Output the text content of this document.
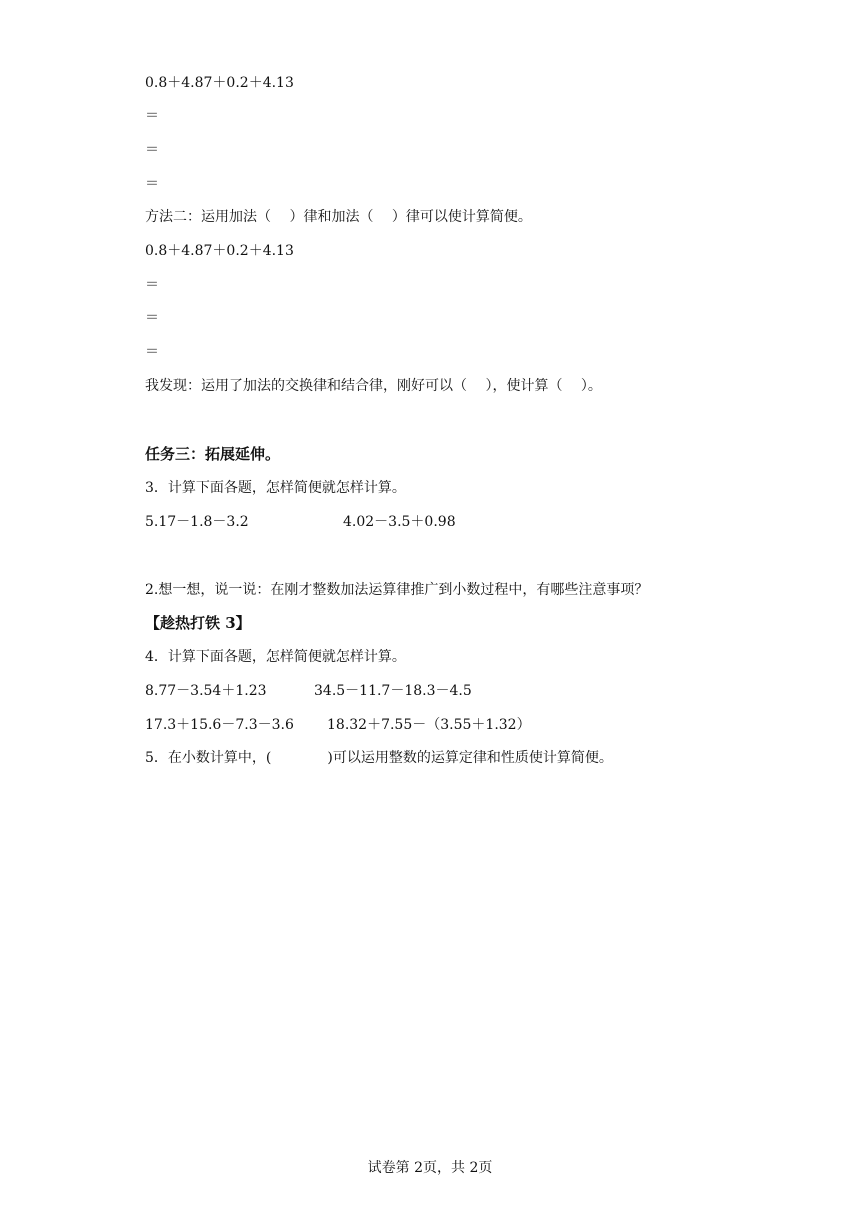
0.8＋4.87＋0.2＋4.13
＝
＝
＝
方法二：运用加法（　 ）律和加法（　 ）律可以使计算简便。
0.8＋4.87＋0.2＋4.13
＝
＝
＝
我发现：运用了加法的交换律和结合律，刚好可以（　 ），使计算（　 ）。
任务三：拓展延伸。
3．计算下面各题，怎样简便就怎样计算。
5.17－1.8－3.2	4.02－3.5＋0.98
2.想一想，说一说：在刚才整数加法运算律推广到小数过程中，有哪些注意事项？
【趁热打铁 3】
4．计算下面各题，怎样简便就怎样计算。
8.77－3.54＋1.23	34.5－11.7－18.3－4.5
17.3＋15.6－7.3－3.6 18.32＋7.55－（3.55＋1.32）
5．在小数计算中，(　　　　)可以运用整数的运算定律和性质使计算简便。
试卷第 2页，共 2页
